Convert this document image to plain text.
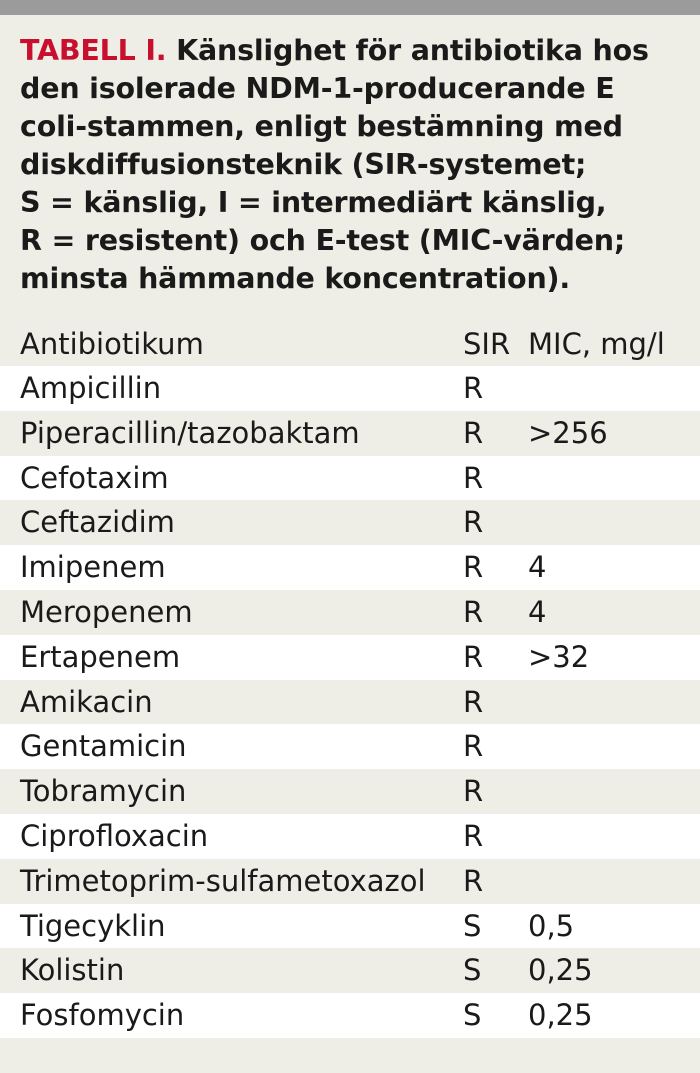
TABELL I. Känslighet för antibiotika hos
den isolerade NDM-1-producerande E
coli-stammen, enligt bestämning med
diskdiffusionsteknik (SIR-systemet;
S = känslig, I = intermediärt känslig,
R = resistent) och E-test (MIC-värden;
minsta hämmande koncentration).
Antibiotikum	SIR MIC, mg/l
Ampicillin	R
Piperacillin/tazobaktam	R >256
Cefotaxim	R
Ceftazidim	R
Imipenem	R 4
Meropenem	R 4
Ertapenem	R >32
Amikacin	R
Gentamicin	R
Tobramycin	R
Ciprofloxacin	R
Trimetoprim-sulfametoxazol R
Tigecyklin	S 0,5
Kolistin	S 0,25
Fosfomycin	S 0,25
